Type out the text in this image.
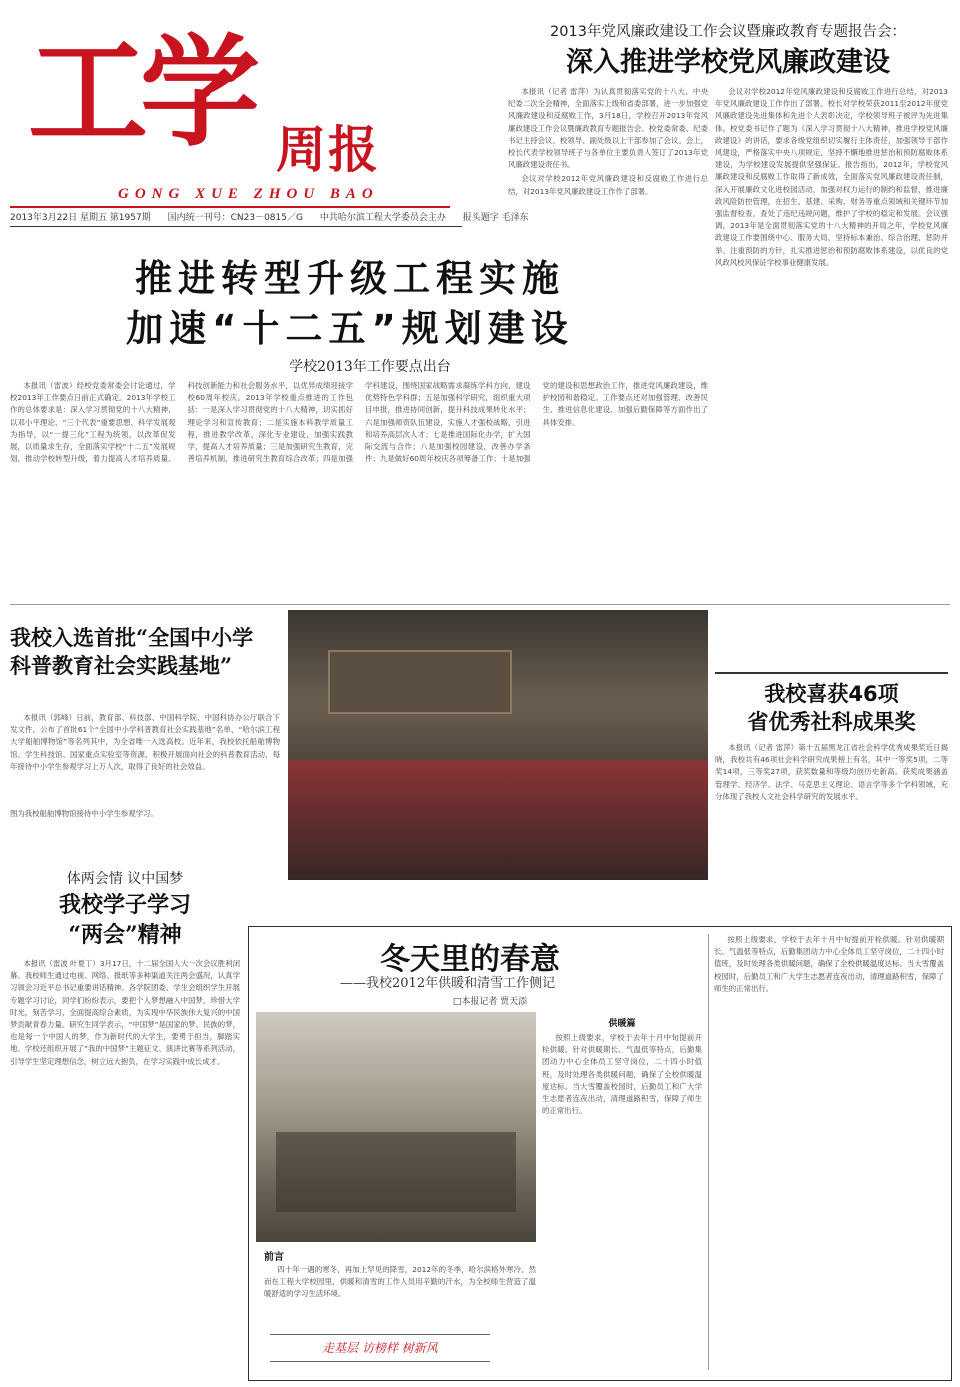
工学 周报
GONG XUE ZHOU BAO
2013年3月22日 星期五 第1957期 国内统一刊号：CN23－0815／G 中共哈尔滨工程大学委员会主办 报头题字 毛泽东
2013年党风廉政建设工作会议暨廉政教育专题报告会：
深入推进学校党风廉政建设

本报讯（记者 雷萍）为认真贯彻落实党的十八大、中央纪委二次全会精神，全面落实上级和省委部署，进一步加强党风廉政建设和反腐败工作，3月18日，学校召开2013年党风廉政建设工作会议暨廉政教育专题报告会。校党委常委、纪委书记主持会议。校领导、副处级以上干部参加了会议。会上，校长代表学校领导班子与各单位主要负责人签订了2013年党风廉政建设责任书。

会议对学校2012年党风廉政建设和反腐败工作进行总结，对2013年党风廉政建设工作作了部署。

会议对学校2012年党风廉政建设和反腐败工作进行总结，对2013年党风廉政建设工作作出了部署。校长对学校荣获2011至2012年度党风廉政建设先进集体和先进个人表彰决定，学校领导班子被评为先进集体。校党委书记作了题为《深入学习贯彻十八大精神，推进学校党风廉政建设》的讲话，要求各级党组织切实履行主体责任，加强领导干部作风建设，严格落实中央八项规定，坚持不懈地推进惩治和预防腐败体系建设，为学校建设发展提供坚强保证。报告指出，2012年，学校党风廉政建设和反腐败工作取得了新成效，全面落实党风廉政建设责任制，深入开展廉政文化进校园活动，加强对权力运行的制约和监督，推进廉政风险防控管理，在招生、基建、采购、财务等重点领域和关键环节加强监督检查，查处了违纪违规问题，维护了学校的稳定和发展。会议强调，2013年是全面贯彻落实党的十八大精神的开局之年，学校党风廉政建设工作要围绕中心、服务大局，坚持标本兼治、综合治理、惩防并举、注重预防的方针，扎实推进惩治和预防腐败体系建设，以优良的党风政风校风保证学校事业健康发展。

推进转型升级工程实施
加速“十二五”规划建设
学校2013年工作要点出台

本报讯（雷波）经校党委常委会讨论通过，学校2013年工作要点日前正式确定。2013年学校工作的总体要求是：深入学习贯彻党的十八大精神，以邓小平理论、“三个代表”重要思想、科学发展观为指导，以“一提三化”工程为统领，以改革促发展，以质量求生存，全面落实学校“十二五”发展规划，推动学校转型升级，着力提高人才培养质量、科技创新能力和社会服务水平，以优异成绩迎接学校60周年校庆。2013年学校重点推进的工作包括：一是深入学习贯彻党的十八大精神，切实抓好理论学习和宣传教育；二是实施本科教学质量工程，推进教学改革，深化专业建设，加强实践教学，提高人才培养质量；三是加强研究生教育，完善培养机制，推进研究生教育综合改革；四是加强学科建设，围绕国家战略需求凝练学科方向，建设优势特色学科群；五是加强科学研究，组织重大项目申报，推进协同创新，提升科技成果转化水平；六是加强师资队伍建设，实施人才强校战略，引进和培养高层次人才；七是推进国际化办学，扩大国际交流与合作；八是加强校园建设，改善办学条件；九是做好60周年校庆各项筹备工作；十是加强党的建设和思想政治工作，推进党风廉政建设，维护校园和谐稳定。工作要点还对加强管理、改善民生、推进信息化建设、加强后勤保障等方面作出了具体安排。

我校入选首批“全国中小学
科普教育社会实践基地”

本报讯（郭峰）日前，教育部、科技部、中国科学院、中国科协办公厅联合下发文件，公布了首批61个“全国中小学科普教育社会实践基地”名单，“哈尔滨工程大学船舶博物馆”等名列其中，为全省唯一入选高校。近年来，我校依托船舶博物馆、学生科技馆、国家重点实验室等资源，积极开展面向社会的科普教育活动，每年接待中小学生参观学习上万人次，取得了良好的社会效益。

图为我校船舶博物馆接待中小学生参观学习。
我校喜获46项
省优秀社科成果奖

本报讯（记者 雷萍）第十五届黑龙江省社会科学优秀成果奖近日揭晓，我校共有46项社会科学研究成果榜上有名，其中一等奖5项，二等奖14项，三等奖27项，获奖数量和等级均创历史新高。获奖成果涵盖管理学、经济学、法学、马克思主义理论、语言学等多个学科领域，充分体现了我校人文社会科学研究的发展水平。

体两会情 议中国梦
我校学子学习
“两会”精神

本报讯（雷波 叶夏丁）3月17日，十二届全国人大一次会议胜利闭幕。我校师生通过电视、网络、报纸等多种渠道关注两会盛况，认真学习领会习近平总书记重要讲话精神。各学院团委、学生会组织学生开展专题学习讨论，同学们纷纷表示，要把个人梦想融入中国梦，珍惜大学时光，刻苦学习，全面提高综合素质，为实现中华民族伟大复兴的中国梦贡献青春力量。研究生同学表示，“中国梦”是国家的梦、民族的梦，也是每一个中国人的梦，作为新时代的大学生，要勇于担当，脚踏实地。学校还组织开展了“我的中国梦”主题征文、演讲比赛等系列活动，引导学生坚定理想信念，树立远大抱负，在学习实践中成长成才。

冬天里的春意
——我校2012年供暖和清雪工作侧记
□本报记者 贾天添
前言

四十年一遇的寒冬，再加上罕见的降雪，2012年的冬季，哈尔滨格外寒冷。然而在工程大学校园里，供暖和清雪的工作人员用辛勤的汗水，为全校师生营造了温暖舒适的学习生活环境。

走基层 访榜样 树新风
供暖篇

按照上级要求，学校于去年十月中旬提前开栓供暖。针对供暖期长、气温低等特点，后勤集团动力中心全体员工坚守岗位，二十四小时值班，及时处理各类供暖问题，确保了全校供暖温度达标。当大雪覆盖校园时，后勤员工和广大学生志愿者连夜出动，清理道路积雪，保障了师生的正常出行。

按照上级要求，学校于去年十月中旬提前开栓供暖。针对供暖期长、气温低等特点，后勤集团动力中心全体员工坚守岗位，二十四小时值班，及时处理各类供暖问题，确保了全校供暖温度达标。当大雪覆盖校园时，后勤员工和广大学生志愿者连夜出动，清理道路积雪，保障了师生的正常出行。
